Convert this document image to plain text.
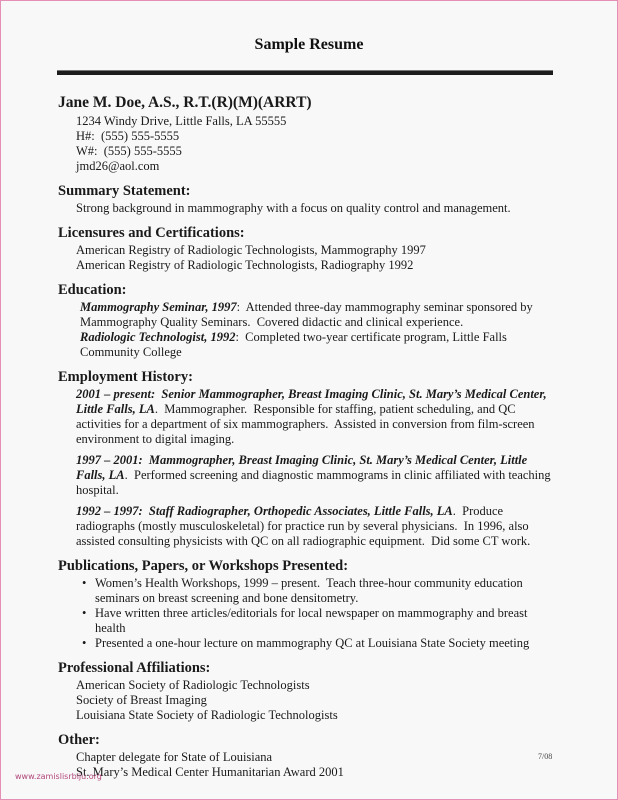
Sample Resume
Jane M. Doe, A.S., R.T.(R)(M)(ARRT)
1234 Windy Drive, Little Falls, LA 55555
H#:  (555) 555-5555
W#:  (555) 555-5555
jmd26@aol.com
Summary Statement:
Strong background in mammography with a focus on quality control and management.
Licensures and Certifications:
American Registry of Radiologic Technologists, Mammography 1997
American Registry of Radiologic Technologists, Radiography 1992
Education:
Mammography Seminar, 1997:  Attended three-day mammography seminar sponsored by Mammography Quality Seminars.  Covered didactic and clinical experience.
Radiologic Technologist, 1992:  Completed two-year certificate program, Little Falls Community College
Employment History:
2001 – present:  Senior Mammographer, Breast Imaging Clinic, St. Mary’s Medical Center, Little Falls, LA.  Mammographer.  Responsible for staffing, patient scheduling, and QC activities for a department of six mammographers.  Assisted in conversion from film-screen environment to digital imaging.
1997 – 2001:  Mammographer, Breast Imaging Clinic, St. Mary’s Medical Center, Little Falls, LA.  Performed screening and diagnostic mammograms in clinic affiliated with teaching hospital.
1992 – 1997:  Staff Radiographer, Orthopedic Associates, Little Falls, LA.  Produce radiographs (mostly musculoskeletal) for practice run by several physicians.  In 1996, also assisted consulting physicists with QC on all radiographic equipment.  Did some CT work.
Publications, Papers, or Workshops Presented:
• Women’s Health Workshops, 1999 – present.  Teach three-hour community education seminars on breast screening and bone densitometry.
• Have written three articles/editorials for local newspaper on mammography and breast health
• Presented a one-hour lecture on mammography QC at Louisiana State Society meeting
Professional Affiliations:
American Society of Radiologic Technologists
Society of Breast Imaging
Louisiana State Society of Radiologic Technologists
Other:
Chapter delegate for State of Louisiana
St. Mary’s Medical Center Humanitarian Award 2001
7/08
www.zamislisrbiju.org
